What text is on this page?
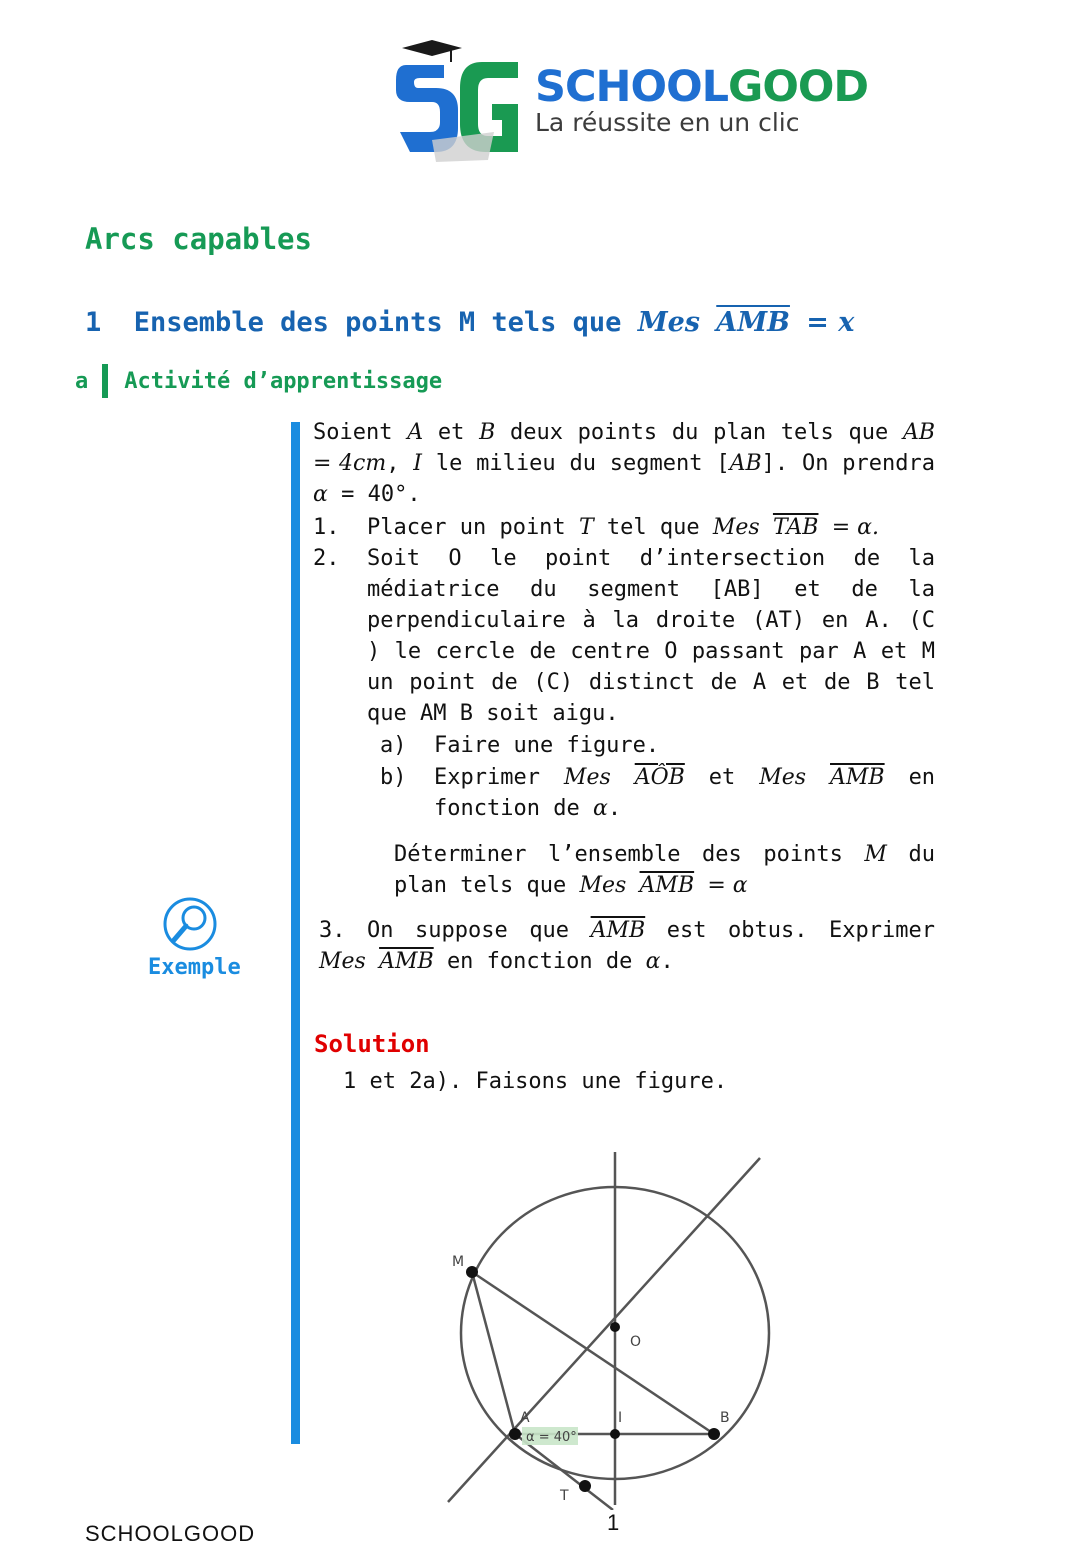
SCHOOLGOOD
La réussite en un clic
Arcs capables
1 Ensemble des points M tels que Mes $\overline{AMB} = x$
a Activité d’apprentissage
Exemple
Soient A et B deux points du plan tels que AB = 4cm, I le milieu du segment [AB]. On prendra α = 40°.
1.	Placer un point T tel que Mes $\overline{TAB} = \alpha$.
2.	Soit O le point d’intersection de la médiatrice du segment [AB] et de la perpendiculaire à la droite (AT) en A. (C ) le cercle de centre O passant par A et M un point de (C) distinct de A et de B tel que AM B soit aigu.
a)	Faire une figure.
b)	Exprimer Mes $\overline{AÔB}$ et Mes $\overline{AMB}$ en fonction de α.
Déterminer l’ensemble des points M du plan tels que Mes $\overline{AMB} = \alpha$
3. On suppose que $\overline{AMB}$ est obtus. Exprimer Mes $\overline{AMB}$ en fonction de α.
Solution
1 et 2a). Faisons une figure.
M
O
A	I	B
T
α = 40°
1
SCHOOLGOOD
